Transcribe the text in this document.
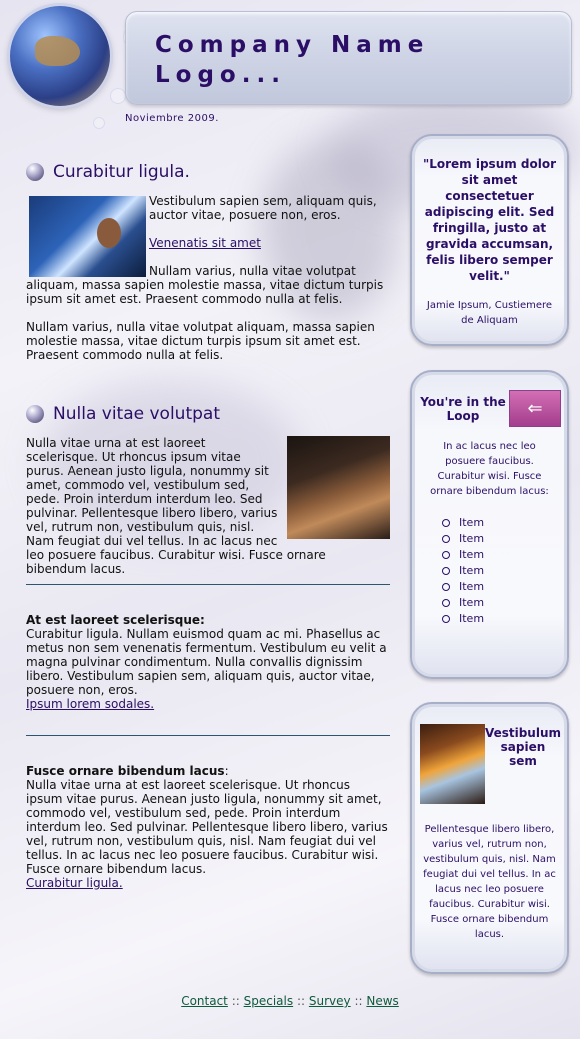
Company Name
Logo...
Noviembre 2009.
Curabitur ligula.

Vestibulum sapien sem, aliquam quis, auctor vitae, posuere non, eros.

Venenatis sit amet

Nullam varius, nulla vitae volutpat aliquam, massa sapien molestie massa, vitae dictum turpis ipsum sit amet est. Praesent commodo nulla at felis.

Nullam varius, nulla vitae volutpat aliquam, massa sapien molestie massa, vitae dictum turpis ipsum sit amet est. Praesent commodo nulla at felis.

Nulla vitae volutpat

Nulla vitae urna at est laoreet scelerisque. Ut rhoncus ipsum vitae purus. Aenean justo ligula, nonummy sit amet, commodo vel, vestibulum sed, pede. Proin interdum interdum leo. Sed pulvinar. Pellentesque libero libero, varius vel, rutrum non, vestibulum quis, nisl. Nam feugiat dui vel tellus. In ac lacus nec leo posuere faucibus. Curabitur wisi. Fusce ornare bibendum lacus.

At est laoreet scelerisque:

Curabitur ligula. Nullam euismod quam ac mi. Phasellus ac metus non sem venenatis fermentum. Vestibulum eu velit a magna pulvinar condimentum. Nulla convallis dignissim libero. Vestibulum sapien sem, aliquam quis, auctor vitae, posuere non, eros.

Ipsum lorem sodales.

Fusce ornare bibendum lacus:

Nulla vitae urna at est laoreet scelerisque. Ut rhoncus ipsum vitae purus. Aenean justo ligula, nonummy sit amet, commodo vel, vestibulum sed, pede. Proin interdum interdum leo. Sed pulvinar. Pellentesque libero libero, varius vel, rutrum non, vestibulum quis, nisl. Nam feugiat dui vel tellus. In ac lacus nec leo posuere faucibus. Curabitur wisi. Fusce ornare bibendum lacus.

Curabitur ligula.

"Lorem ipsum dolor sit amet consectetuer adipiscing elit. Sed fringilla, justo at gravida accumsan, felis libero semper velit."
Jamie Ipsum, Custiemere de Aliquam
You're in the Loop	⇐
In ac lacus nec leo posuere faucibus. Curabitur wisi. Fusce ornare bibendum lacus:
Item
Item
Item
Item
Item
Item
Item
Vestibulum sapien sem
Pellentesque libero libero, varius vel, rutrum non, vestibulum quis, nisl. Nam feugiat dui vel tellus. In ac lacus nec leo posuere faucibus. Curabitur wisi. Fusce ornare bibendum lacus.
Contact :: Specials :: Survey :: News
